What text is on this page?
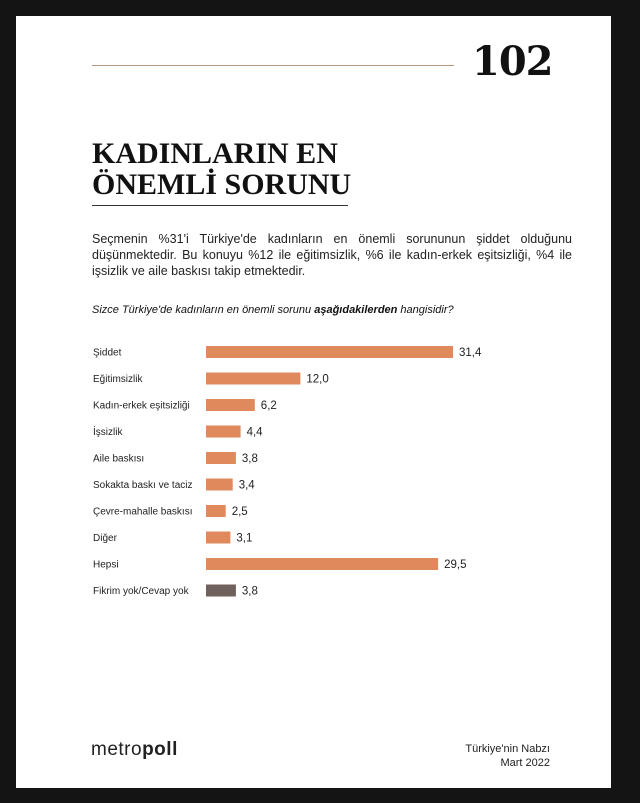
102
KADINLARIN EN
ÖNEMLİ SORUNU

Seçmenin %31'i Türkiye'de kadınların en önemli sorununun şiddet olduğunu düşünmektedir. Bu konuyu %12 ile eğitimsizlik, %6 ile kadın-erkek eşitsizliği, %4 ile işsizlik ve aile baskısı takip etmektedir.

Sizce Türkiye'de kadınların en önemli sorunu aşağıdakilerden hangisidir?

Şiddet	31,4
Eğitimsizlik	12,0
Kadın-erkek eşitsizliği	6,2
İşsizlik	4,4
Aile baskısı	3,8
Sokakta baskı ve taciz	3,4
Çevre-mahalle baskısı	2,5
Diğer	3,1
Hepsi	29,5
Fikrim yok/Cevap yok	3,8
metropoll	Türkiye'nin Nabzı
Mart 2022
